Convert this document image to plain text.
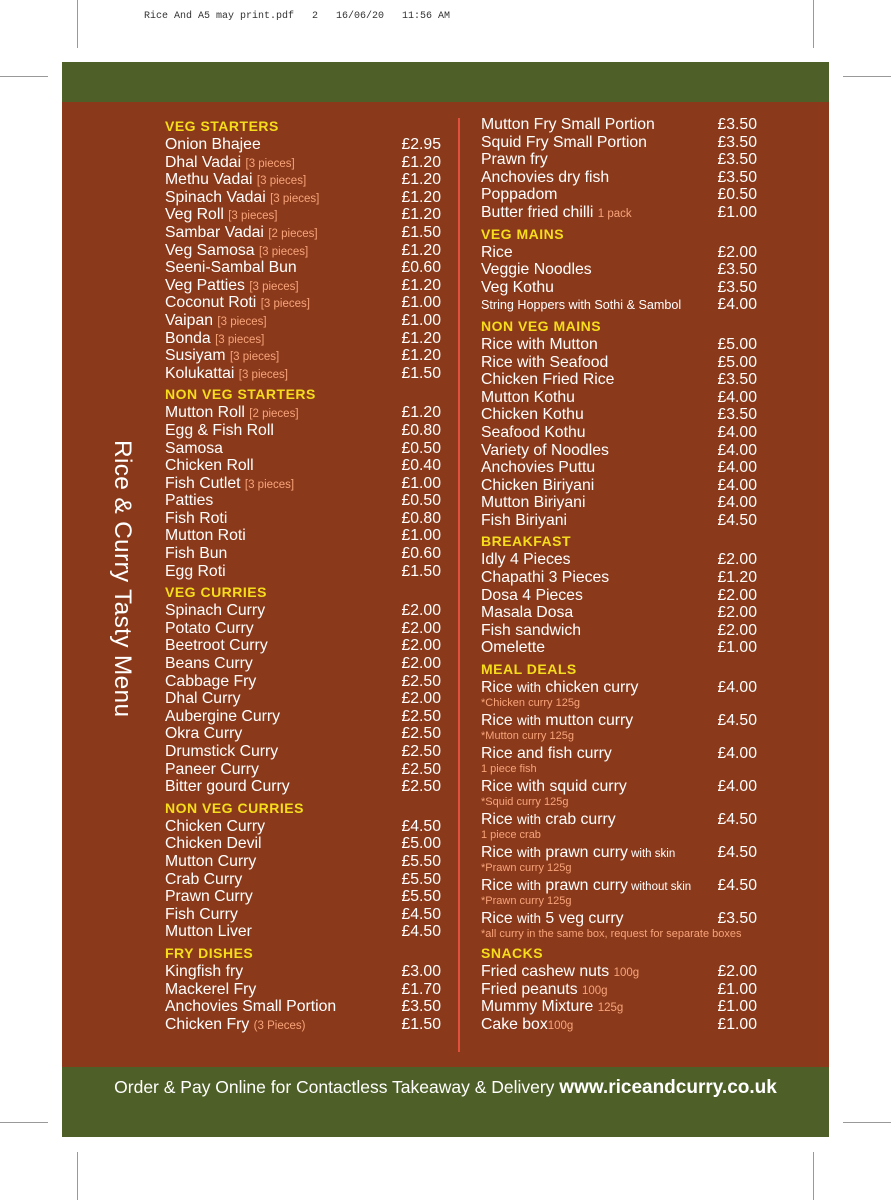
Rice And A5 may print.pdf   2   16/06/20   11:56 AM
Rice & Curry Tasty Menu
VEG STARTERS
Onion Bhajee	£2.95
Dhal Vadai [3 pieces]	£1.20
Methu Vadai [3 pieces]	£1.20
Spinach Vadai [3 pieces]	£1.20
Veg Roll [3 pieces]	£1.20
Sambar Vadai [2 pieces]	£1.50
Veg Samosa [3 pieces]	£1.20
Seeni-Sambal Bun	£0.60
Veg Patties [3 pieces]	£1.20
Coconut Roti [3 pieces]	£1.00
Vaipan [3 pieces]	£1.00
Bonda [3 pieces]	£1.20
Susiyam [3 pieces]	£1.20
Kolukattai [3 pieces]	£1.50
NON VEG STARTERS
Mutton Roll [2 pieces]	£1.20
Egg & Fish Roll	£0.80
Samosa	£0.50
Chicken Roll	£0.40
Fish Cutlet [3 pieces]	£1.00
Patties	£0.50
Fish Roti	£0.80
Mutton Roti	£1.00
Fish Bun	£0.60
Egg Roti	£1.50
VEG CURRIES
Spinach Curry	£2.00
Potato Curry	£2.00
Beetroot Curry	£2.00
Beans Curry	£2.00
Cabbage Fry	£2.50
Dhal Curry	£2.00
Aubergine Curry	£2.50
Okra Curry	£2.50
Drumstick Curry	£2.50
Paneer Curry	£2.50
Bitter gourd Curry	£2.50
NON VEG CURRIES
Chicken Curry	£4.50
Chicken Devil	£5.00
Mutton Curry	£5.50
Crab Curry	£5.50
Prawn Curry	£5.50
Fish Curry	£4.50
Mutton Liver	£4.50
FRY DISHES
Kingfish fry	£3.00
Mackerel Fry	£1.70
Anchovies Small Portion	£3.50
Chicken Fry (3 Pieces)	£1.50
Mutton Fry Small Portion	£3.50
Squid Fry Small Portion	£3.50
Prawn fry	£3.50
Anchovies dry fish	£3.50
Poppadom	£0.50
Butter fried chilli 1 pack	£1.00
VEG MAINS
Rice	£2.00
Veggie Noodles	£3.50
Veg Kothu	£3.50
String Hoppers with Sothi & Sambol £4.00
NON VEG MAINS
Rice with Mutton	£5.00
Rice with Seafood	£5.00
Chicken Fried Rice	£3.50
Mutton Kothu	£4.00
Chicken Kothu	£3.50
Seafood Kothu	£4.00
Variety of Noodles	£4.00
Anchovies Puttu	£4.00
Chicken Biriyani	£4.00
Mutton Biriyani	£4.00
Fish Biriyani	£4.50
BREAKFAST
Idly 4 Pieces	£2.00
Chapathi 3 Pieces	£1.20
Dosa 4 Pieces	£2.00
Masala Dosa	£2.00
Fish sandwich	£2.00
Omelette	£1.00
MEAL DEALS
Rice with chicken curry	£4.00
*Chicken curry 125g
Rice with mutton curry	£4.50
*Mutton curry 125g
Rice and fish curry	£4.00
1 piece fish
Rice with squid curry	£4.00
*Squid curry 125g
Rice with crab curry	£4.50
1 piece crab
Rice with prawn curry with skin	£4.50
*Prawn curry 125g
Rice with prawn curry without skin £4.50
*Prawn curry 125g
Rice with 5 veg curry	£3.50
*all curry in the same box, request for separate boxes
SNACKS
Fried cashew nuts 100g	£2.00
Fried peanuts 100g	£1.00
Mummy Mixture 125g	£1.00
Cake box100g	£1.00
Order & Pay Online for Contactless Takeaway & Delivery www.riceandcurry.co.uk
